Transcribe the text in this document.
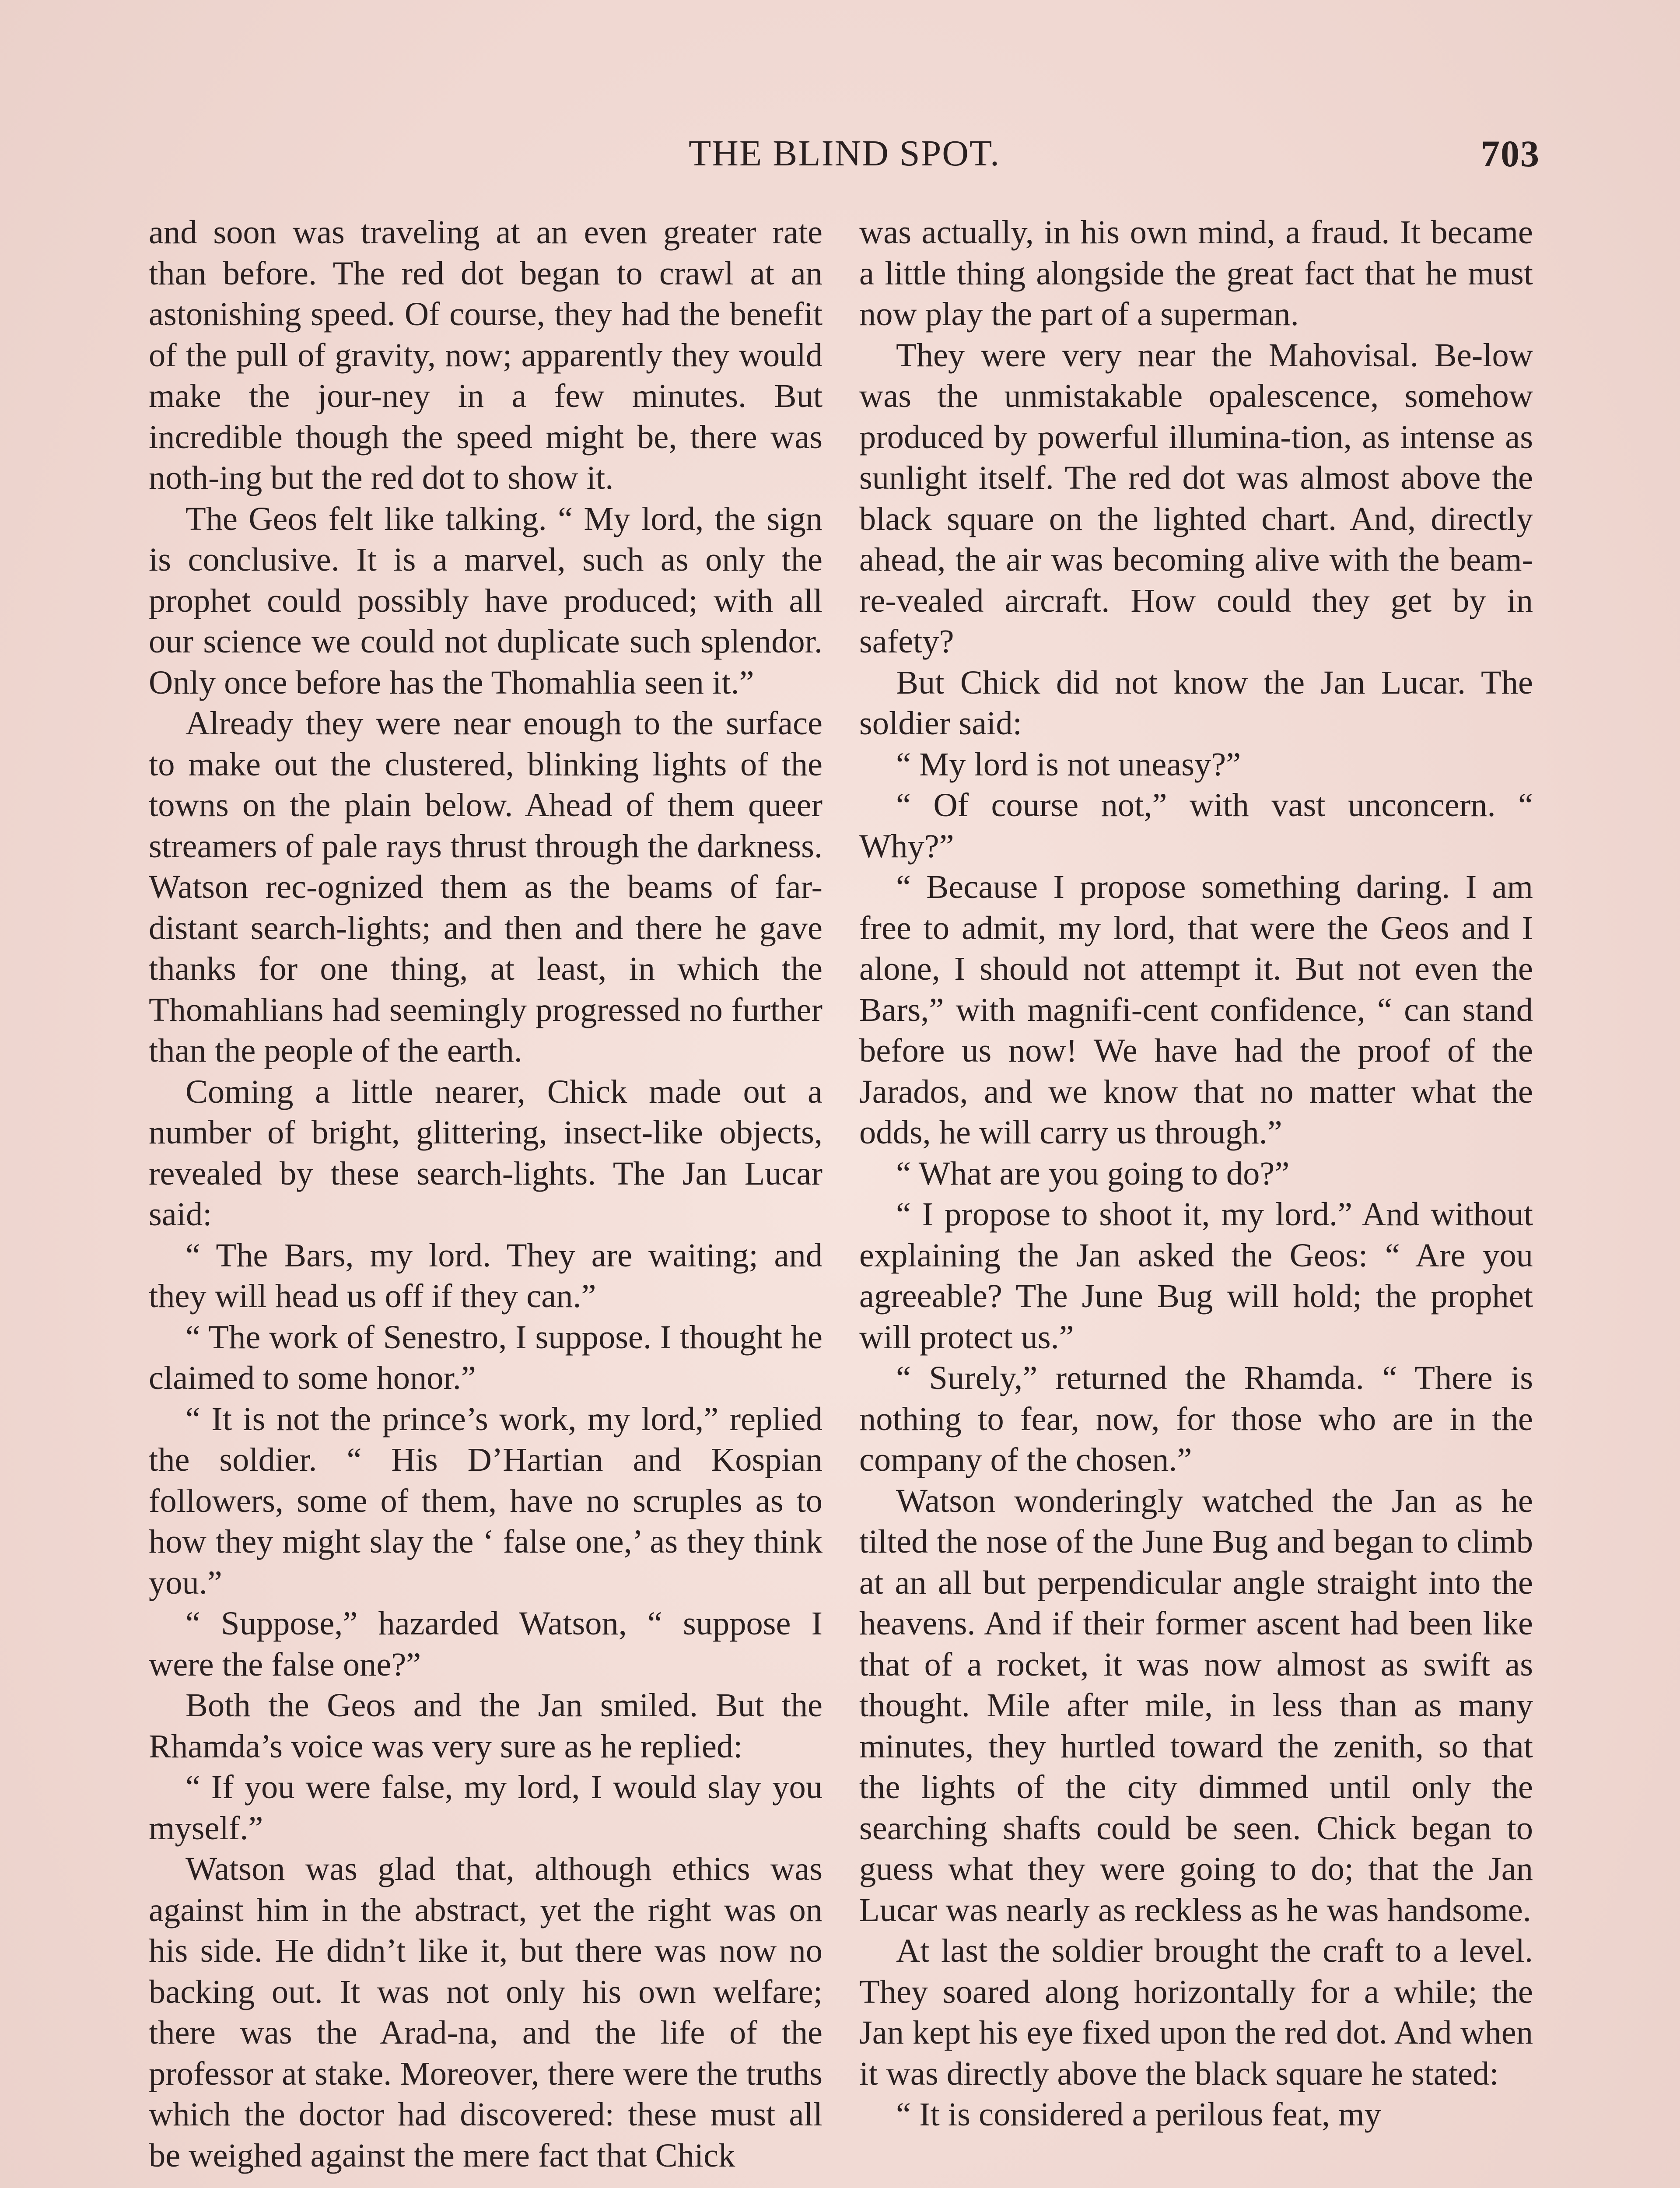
THE BLIND SPOT.	703

and soon was traveling at an even greater rate than before. The red dot began to crawl at an astonishing speed. Of course, they had the benefit of the pull of gravity, now; apparently they would make the jour-ney in a few minutes. But incredible though the speed might be, there was noth-ing but the red dot to show it.

The Geos felt like talking. “ My lord, the sign is conclusive. It is a marvel, such as only the prophet could possibly have produced; with all our science we could not duplicate such splendor. Only once before has the Thomahlia seen it.”

Already they were near enough to the surface to make out the clustered, blinking lights of the towns on the plain below. Ahead of them queer streamers of pale rays thrust through the darkness. Watson rec-ognized them as the beams of far-distant search-lights; and then and there he gave thanks for one thing, at least, in which the Thomahlians had seemingly progressed no further than the people of the earth.

Coming a little nearer, Chick made out a number of bright, glittering, insect-like objects, revealed by these search-lights. The Jan Lucar said:

“ The Bars, my lord. They are waiting; and they will head us off if they can.”

“ The work of Senestro, I suppose. I thought he claimed to some honor.”

“ It is not the prince’s work, my lord,” replied the soldier. “ His D’Hartian and Kospian followers, some of them, have no scruples as to how they might slay the ‘ false one,’ as they think you.”

“ Suppose,” hazarded Watson, “ suppose I were the false one?”

Both the Geos and the Jan smiled. But the Rhamda’s voice was very sure as he replied:

“ If you were false, my lord, I would slay you myself.”

Watson was glad that, although ethics was against him in the abstract, yet the right was on his side. He didn’t like it, but there was now no backing out. It was not only his own welfare; there was the Arad-na, and the life of the professor at stake. Moreover, there were the truths which the doctor had discovered: these must all be weighed against the mere fact that Chick

was actually, in his own mind, a fraud. It became a little thing alongside the great fact that he must now play the part of a superman.

They were very near the Mahovisal. Be-low was the unmistakable opalescence, somehow produced by powerful illumina-tion, as intense as sunlight itself. The red dot was almost above the black square on the lighted chart. And, directly ahead, the air was becoming alive with the beam-re-vealed aircraft. How could they get by in safety?

But Chick did not know the Jan Lucar. The soldier said:

“ My lord is not uneasy?”

“ Of course not,” with vast unconcern. “ Why?”

“ Because I propose something daring. I am free to admit, my lord, that were the Geos and I alone, I should not attempt it. But not even the Bars,” with magnifi-cent confidence, “ can stand before us now! We have had the proof of the Jarados, and we know that no matter what the odds, he will carry us through.”

“ What are you going to do?”

“ I propose to shoot it, my lord.” And without explaining the Jan asked the Geos: “ Are you agreeable? The June Bug will hold; the prophet will protect us.”

“ Surely,” returned the Rhamda. “ There is nothing to fear, now, for those who are in the company of the chosen.”

Watson wonderingly watched the Jan as he tilted the nose of the June Bug and began to climb at an all but perpendicular angle straight into the heavens. And if their former ascent had been like that of a rocket, it was now almost as swift as thought. Mile after mile, in less than as many minutes, they hurtled toward the zenith, so that the lights of the city dimmed until only the searching shafts could be seen. Chick began to guess what they were going to do; that the Jan Lucar was nearly as reckless as he was handsome.

At last the soldier brought the craft to a level. They soared along horizontally for a while; the Jan kept his eye fixed upon the red dot. And when it was directly above the black square he stated:

“ It is considered a perilous feat, my
